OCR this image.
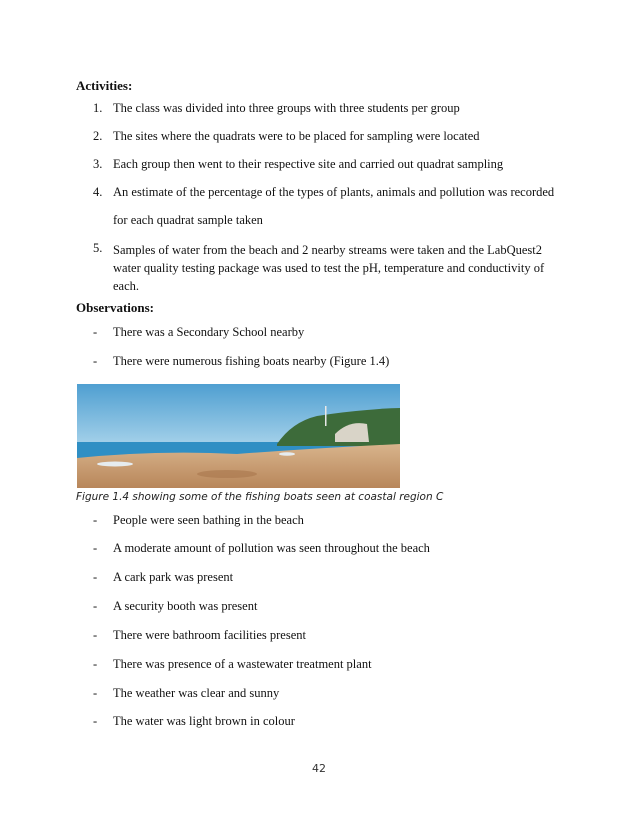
Activities:
1. The class was divided into three groups with three students per group
2. The sites where the quadrats were to be placed for sampling were located
3. Each group then went to their respective site and carried out quadrat sampling
4. An estimate of the percentage of the types of plants, animals and pollution was recorded
for each quadrat sample taken
5. Samples of water from the beach and 2 nearby streams were taken and the LabQuest2 water quality testing package was used to test the pH, temperature and conductivity of each.
Observations:
- There was a Secondary School nearby
- There were numerous fishing boats nearby (Figure 1.4)
Figure 1.4 showing some of the fishing boats seen at coastal region C
- People were seen bathing in the beach
- A moderate amount of pollution was seen throughout the beach
- A cark park was present
- A security booth was present
- There were bathroom facilities present
- There was presence of a wastewater treatment plant
- The weather was clear and sunny
- The water was light brown in colour
42
